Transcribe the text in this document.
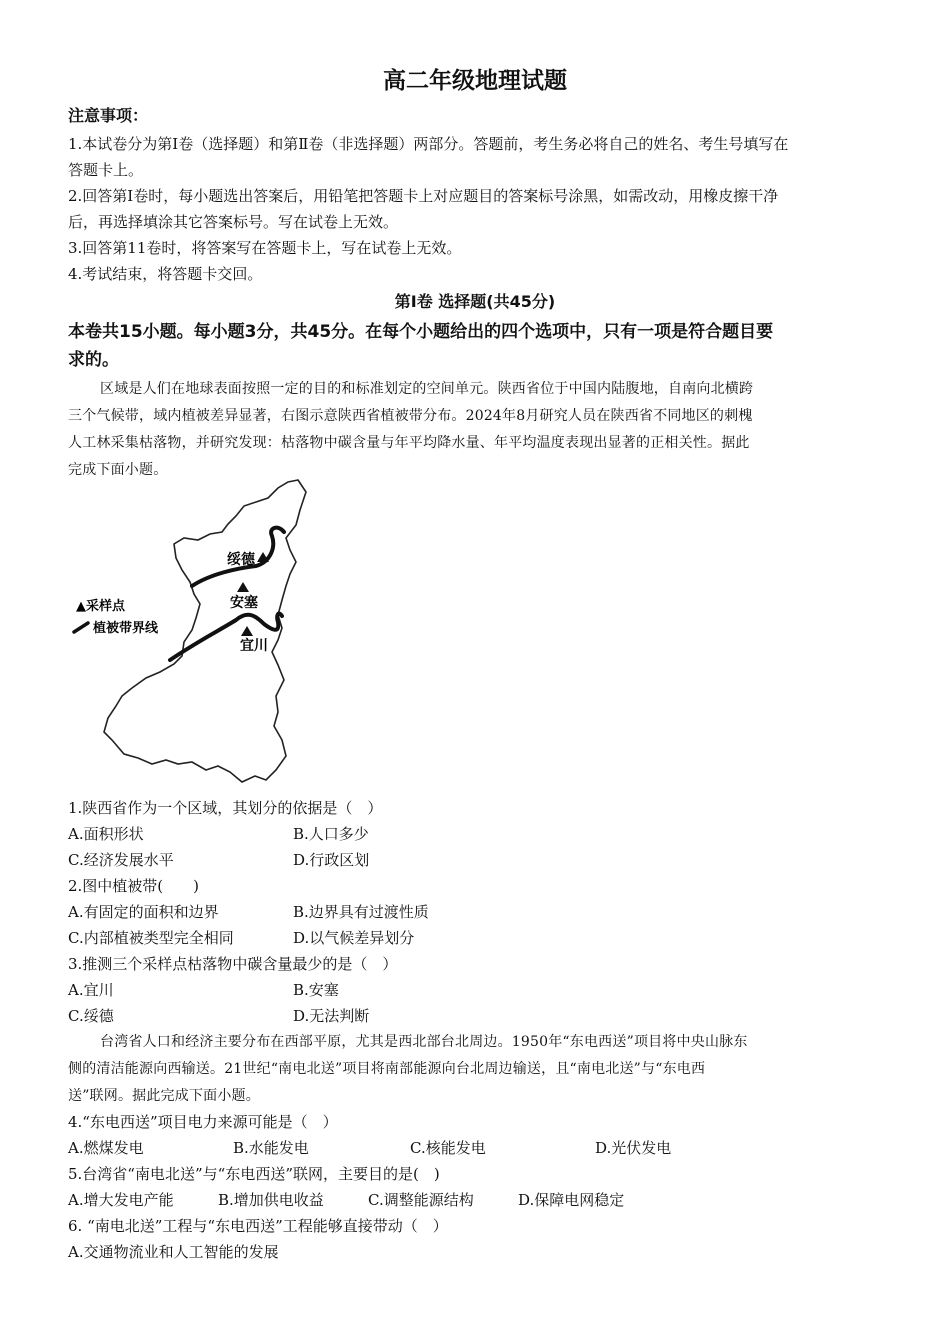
高二年级地理试题
注意事项：
1.本试卷分为第Ⅰ卷（选择题）和第Ⅱ卷（非选择题）两部分。答题前，考生务必将自己的姓名、考生号填写在
答题卡上。
2.回答第Ⅰ卷时，每小题选出答案后，用铅笔把答题卡上对应题目的答案标号涂黑，如需改动，用橡皮擦干净
后，再选择填涂其它答案标号。写在试卷上无效。
3.回答第11卷时，将答案写在答题卡上，写在试卷上无效。
4.考试结束，将答题卡交回。
第Ⅰ卷 选择题(共45分)
本卷共15小题。每小题3分，共45分。在每个小题给出的四个选项中，只有一项是符合题目要
求的。
区域是人们在地球表面按照一定的目的和标准划定的空间单元。陕西省位于中国内陆腹地，自南向北横跨
三个气候带，域内植被差异显著，右图示意陕西省植被带分布。2024年8月研究人员在陕西省不同地区的刺槐
人工林采集枯落物，并研究发现：枯落物中碳含量与年平均降水量、年平均温度表现出显著的正相关性。据此
完成下面小题。
绥德
安塞
宜川
▲采样点
植被带界线
1.陕西省作为一个区域，其划分的依据是（　）
A.面积形状	B.人口多少
C.经济发展水平	D.行政区划
2.图中植被带(　　)
A.有固定的面积和边界	B.边界具有过渡性质
C.内部植被类型完全相同	D.以气候差异划分
3.推测三个采样点枯落物中碳含量最少的是（　）
A.宜川	B.安塞
C.绥德	D.无法判断
台湾省人口和经济主要分布在西部平原，尤其是西北部台北周边。1950年“东电西送”项目将中央山脉东
侧的清洁能源向西输送。21世纪“南电北送”项目将南部能源向台北周边输送，且“南电北送”与“东电西
送”联网。据此完成下面小题。
4.“东电西送”项目电力来源可能是（　）
A.燃煤发电	B.水能发电	C.核能发电	D.光伏发电
5.台湾省“南电北送”与“东电西送”联网，主要目的是(　)
A.增大发电产能	B.增加供电收益	C.调整能源结构	D.保障电网稳定
6. “南电北送”工程与“东电西送”工程能够直接带动（　）
A.交通物流业和人工智能的发展
